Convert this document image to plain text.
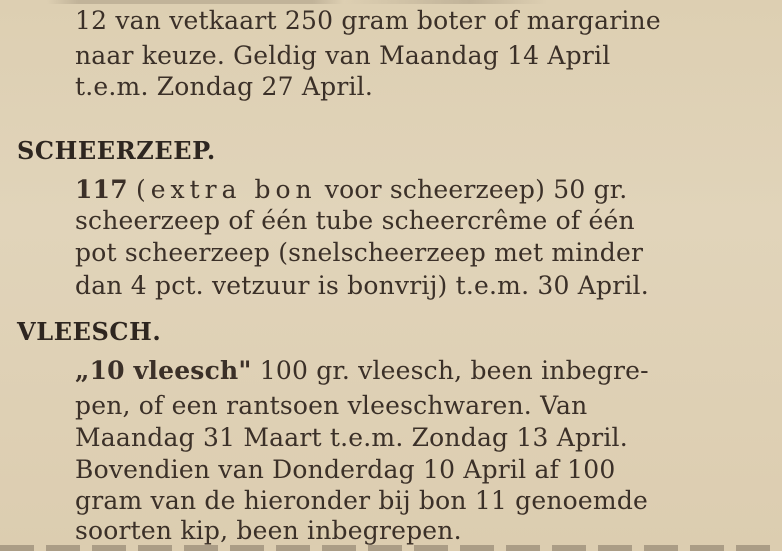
12 van vetkaart 250 gram boter of margarine
naar keuze. Geldig van Maandag 14 April
t.e.m. Zondag 27 April.
SCHEERZEEP.
117 (extra bon voor scheerzeep) 50 gr.
scheerzeep of één tube scheercrême of één
pot scheerzeep (snelscheerzeep met minder
dan 4 pct. vetzuur is bonvrij) t.e.m. 30 April.
VLEESCH.
„10 vleesch" 100 gr. vleesch, been inbegre-
pen, of een rantsoen vleeschwaren. Van
Maandag 31 Maart t.e.m. Zondag 13 April.
Bovendien van Donderdag 10 April af 100
gram van de hieronder bij bon 11 genoemde
soorten kip, been inbegrepen.
